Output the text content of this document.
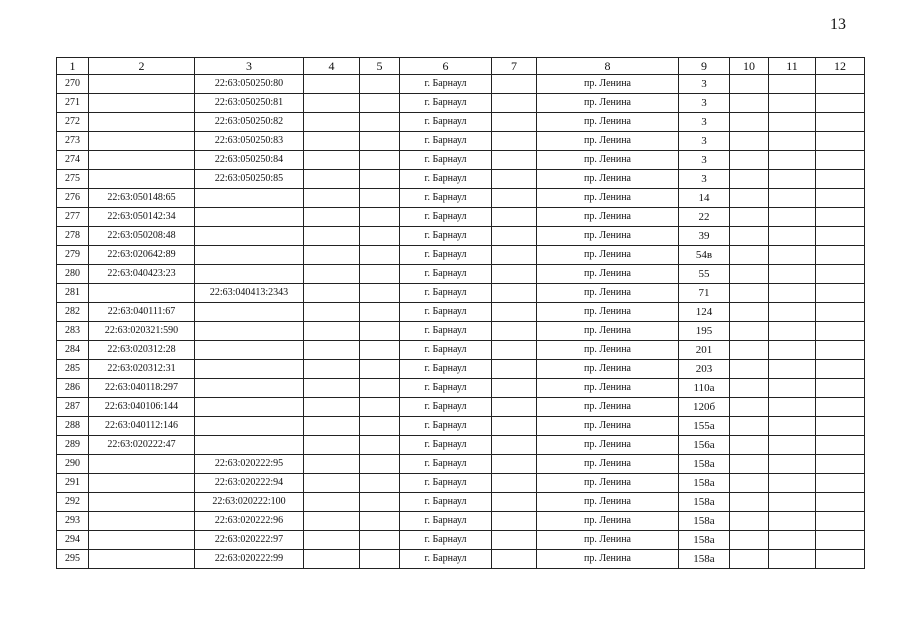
13
1	2	3	4	5	6	7	8	9	10	11	12
270		22:63:050250:80			г. Барнаул		пр. Ленина	3			
271		22:63:050250:81			г. Барнаул		пр. Ленина	3			
272		22:63:050250:82			г. Барнаул		пр. Ленина	3			
273		22:63:050250:83			г. Барнаул		пр. Ленина	3			
274		22:63:050250:84			г. Барнаул		пр. Ленина	3			
275		22:63:050250:85			г. Барнаул		пр. Ленина	3			
276	22:63:050148:65				г. Барнаул		пр. Ленина	14			
277	22:63:050142:34				г. Барнаул		пр. Ленина	22			
278	22:63:050208:48				г. Барнаул		пр. Ленина	39			
279	22:63:020642:89				г. Барнаул		пр. Ленина	54в			
280	22:63:040423:23				г. Барнаул		пр. Ленина	55			
281		22:63:040413:2343			г. Барнаул		пр. Ленина	71			
282	22:63:040111:67				г. Барнаул		пр. Ленина	124			
283	22:63:020321:590				г. Барнаул		пр. Ленина	195			
284	22:63:020312:28				г. Барнаул		пр. Ленина	201			
285	22:63:020312:31				г. Барнаул		пр. Ленина	203			
286	22:63:040118:297				г. Барнаул		пр. Ленина	110а			
287	22:63:040106:144				г. Барнаул		пр. Ленина	120б			
288	22:63:040112:146				г. Барнаул		пр. Ленина	155а			
289	22:63:020222:47				г. Барнаул		пр. Ленина	156а			
290		22:63:020222:95			г. Барнаул		пр. Ленина	158а			
291		22:63:020222:94			г. Барнаул		пр. Ленина	158а			
292		22:63:020222:100			г. Барнаул		пр. Ленина	158а			
293		22:63:020222:96			г. Барнаул		пр. Ленина	158а			
294		22:63:020222:97			г. Барнаул		пр. Ленина	158а			
295		22:63:020222:99			г. Барнаул		пр. Ленина	158а			
